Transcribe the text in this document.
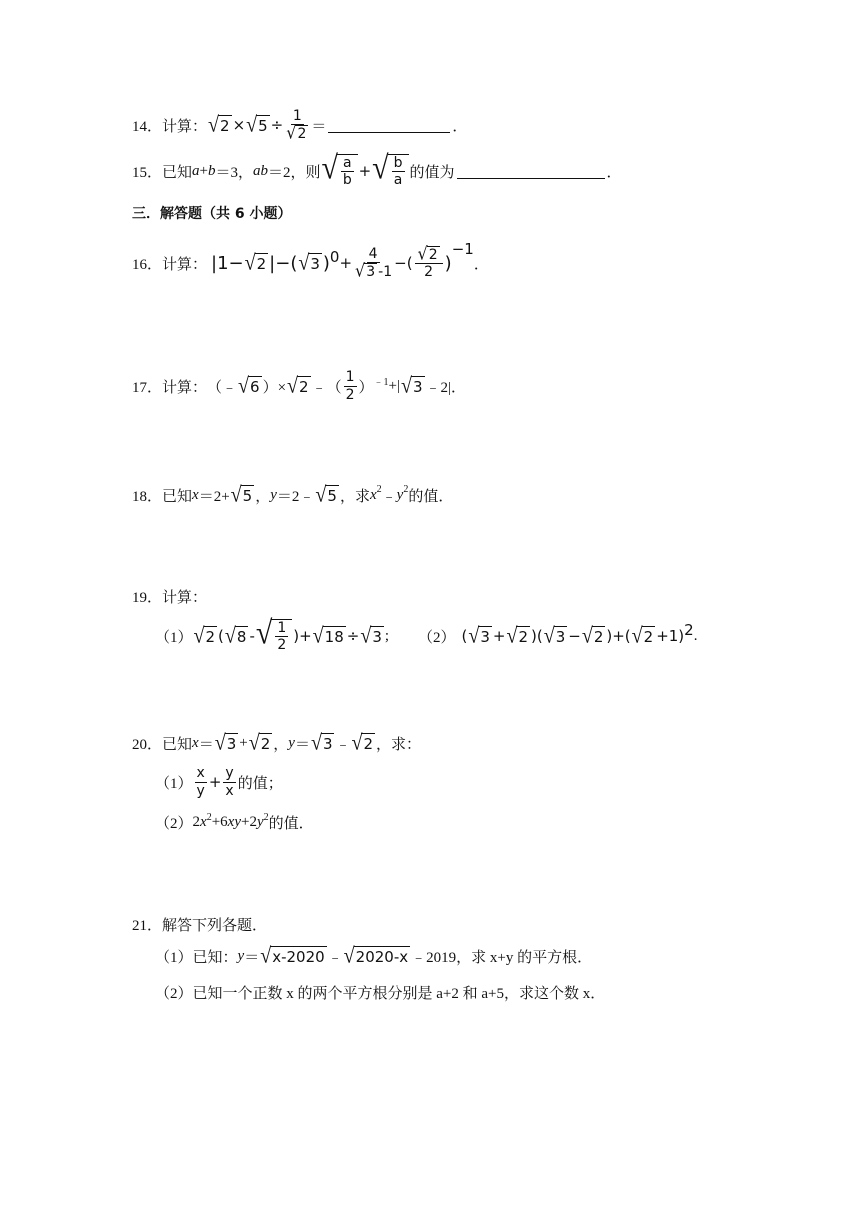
14． 计算： √ 2 × √ $5 \div \frac{1}{√ 2}$ ＝	．
15． 已知 a + b ＝3， ab ＝2，则 √ $\frac{a}{b}$ + √ $\frac{b}{a}$ 的值为	．
三．解答题（共 6 小题）
16． 计算： |1− √ 2 |−( √ 3 )$^0 + \frac{4}{√ 3 -1}$ −( $\frac{√ 2}{2}$ )
$^{-1}$
．
17． 计算： （﹣ √ 6 ）× √ 2 ﹣（ $\frac{1}{2} )^{﹣1}$ +| √ 3 ﹣2| ．
18． 已知 x ＝2+ √ 5 ， y ＝2﹣ √ 5 ，求 $x^2$ ﹣ $y^2$ 的值．
19． 计算：
（1） √ 2 ( √ 8 - √ $\frac{1}{2}$ )+ √ 18 ÷ √ 3 ; （2） ( √ 3 + √ 2 )( √ 3 − √ 2 )+( √ 2 +1)$^2$ .
20． 已知 x ＝ √ 3 + √ 2 ， y ＝ √ 3 ﹣ √ 2 ，求：
$(1) \frac{x}{y} + \frac{y}{x}$ 的值；
（2） $2x^2+6xy+2y^2$ 的值．
21． 解答下列各题．
（1）已知： y ＝ √ x-2020 ﹣ √ 2020-x ﹣2019，求 x+y 的平方根．
（2）已知一个正数 x 的两个平方根分别是 a+2 和 a+5，求这个数 x．
